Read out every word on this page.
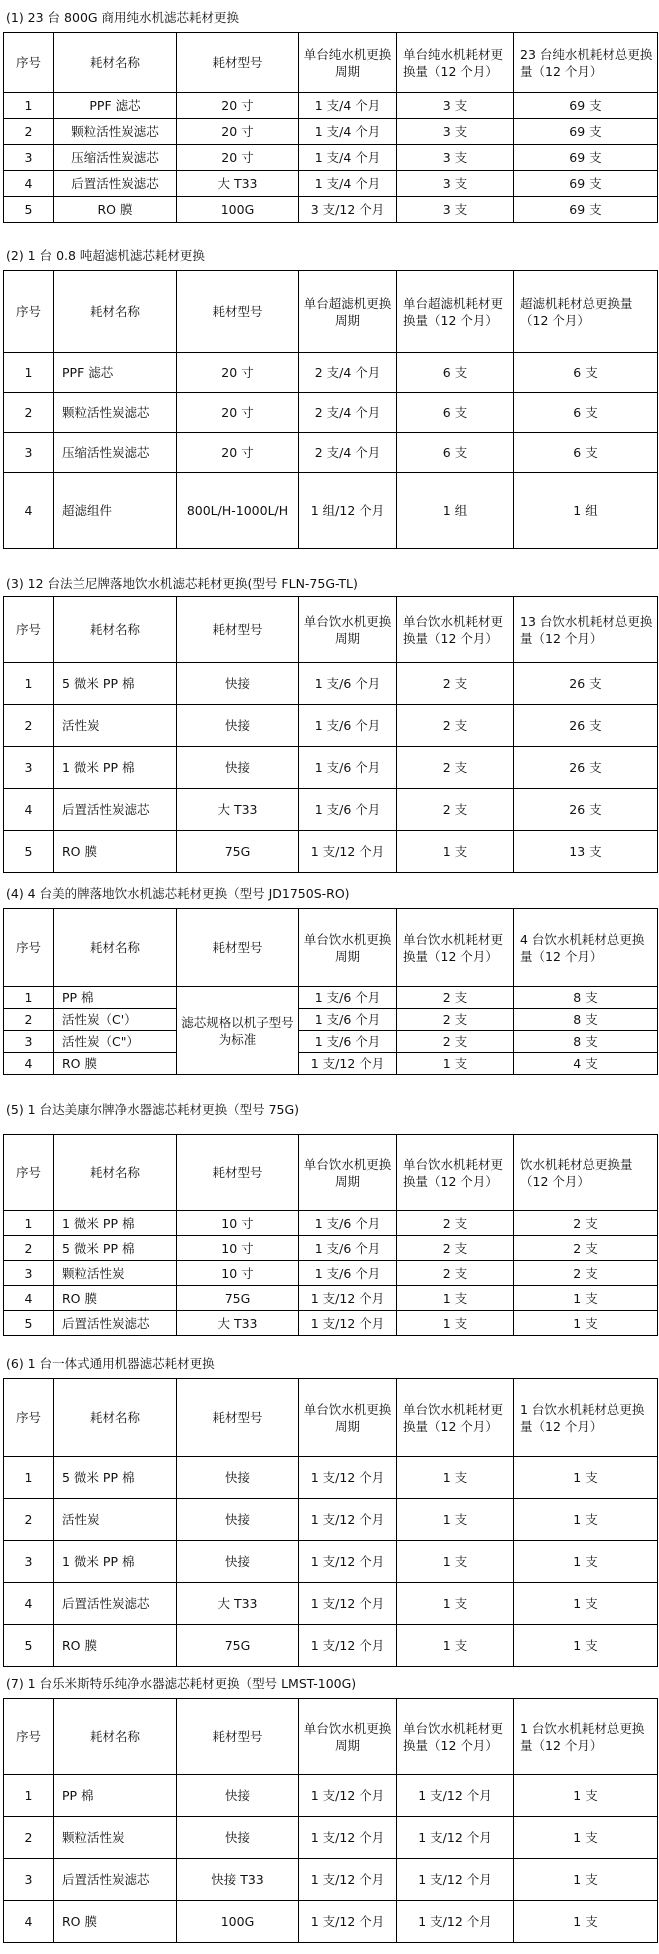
(1) 23 台 800G 商用纯水机滤芯耗材更换
序号	耗材名称	耗材型号	单台纯水机更换周期	单台纯水机耗材更换量（12 个月）	23 台纯水机耗材总更换量（12 个月）
1	PPF 滤芯	20 寸	1 支/4 个月	3 支	69 支
2	颗粒活性炭滤芯	20 寸	1 支/4 个月	3 支	69 支
3	压缩活性炭滤芯	20 寸	1 支/4 个月	3 支	69 支
4	后置活性炭滤芯	大 T33	1 支/4 个月	3 支	69 支
5	RO 膜	100G	3 支/12 个月	3 支	69 支
(2) 1 台 0.8 吨超滤机滤芯耗材更换
序号	耗材名称	耗材型号	单台超滤机更换周期	单台超滤机耗材更换量（12 个月）	超滤机耗材总更换量（12 个月）
1	PPF 滤芯	20 寸	2 支/4 个月	6 支	6 支
2	颗粒活性炭滤芯	20 寸	2 支/4 个月	6 支	6 支
3	压缩活性炭滤芯	20 寸	2 支/4 个月	6 支	6 支
4	超滤组件	800L/H-1000L/H	1 组/12 个月	1 组	1 组
(3) 12 台法兰尼牌落地饮水机滤芯耗材更换(型号 FLN-75G-TL)
序号	耗材名称	耗材型号	单台饮水机更换周期	单台饮水机耗材更换量（12 个月）	13 台饮水机耗材总更换量（12 个月）
1	5 微米 PP 棉	快接	1 支/6 个月	2 支	26 支
2	活性炭	快接	1 支/6 个月	2 支	26 支
3	1 微米 PP 棉	快接	1 支/6 个月	2 支	26 支
4	后置活性炭滤芯	大 T33	1 支/6 个月	2 支	26 支
5	RO 膜	75G	1 支/12 个月	1 支	13 支
(4) 4 台美的牌落地饮水机滤芯耗材更换（型号 JD1750S-RO)
序号	耗材名称	耗材型号	单台饮水机更换周期	单台饮水机耗材更换量（12 个月）	4 台饮水机耗材总更换量（12 个月）
1	PP 棉	滤芯规格以机子型号为标准	1 支/6 个月	2 支	8 支
2	活性炭（C'）		1 支/6 个月	2 支	8 支
3	活性炭（C"）		1 支/6 个月	2 支	8 支
4	RO 膜		1 支/12 个月	1 支	4 支
(5) 1 台达美康尔牌净水器滤芯耗材更换（型号 75G)
序号	耗材名称	耗材型号	单台饮水机更换周期	单台饮水机耗材更换量（12 个月）	饮水机耗材总更换量（12 个月）
1	1 微米 PP 棉	10 寸	1 支/6 个月	2 支	2 支
2	5 微米 PP 棉	10 寸	1 支/6 个月	2 支	2 支
3	颗粒活性炭	10 寸	1 支/6 个月	2 支	2 支
4	RO 膜	75G	1 支/12 个月	1 支	1 支
5	后置活性炭滤芯	大 T33	1 支/12 个月	1 支	1 支
(6) 1 台一体式通用机器滤芯耗材更换
序号	耗材名称	耗材型号	单台饮水机更换周期	单台饮水机耗材更换量（12 个月）	1 台饮水机耗材总更换量（12 个月）
1	5 微米 PP 棉	快接	1 支/12 个月	1 支	1 支
2	活性炭	快接	1 支/12 个月	1 支	1 支
3	1 微米 PP 棉	快接	1 支/12 个月	1 支	1 支
4	后置活性炭滤芯	大 T33	1 支/12 个月	1 支	1 支
5	RO 膜	75G	1 支/12 个月	1 支	1 支
(7) 1 台乐米斯特乐纯净水器滤芯耗材更换（型号 LMST-100G)
序号	耗材名称	耗材型号	单台饮水机更换周期	单台饮水机耗材更换量（12 个月）	1 台饮水机耗材总更换量（12 个月）
1	PP 棉	快接	1 支/12 个月	1 支/12 个月	1 支
2	颗粒活性炭	快接	1 支/12 个月	1 支/12 个月	1 支
3	后置活性炭滤芯	快接 T33	1 支/12 个月	1 支/12 个月	1 支
4	RO 膜	100G	1 支/12 个月	1 支/12 个月	1 支
